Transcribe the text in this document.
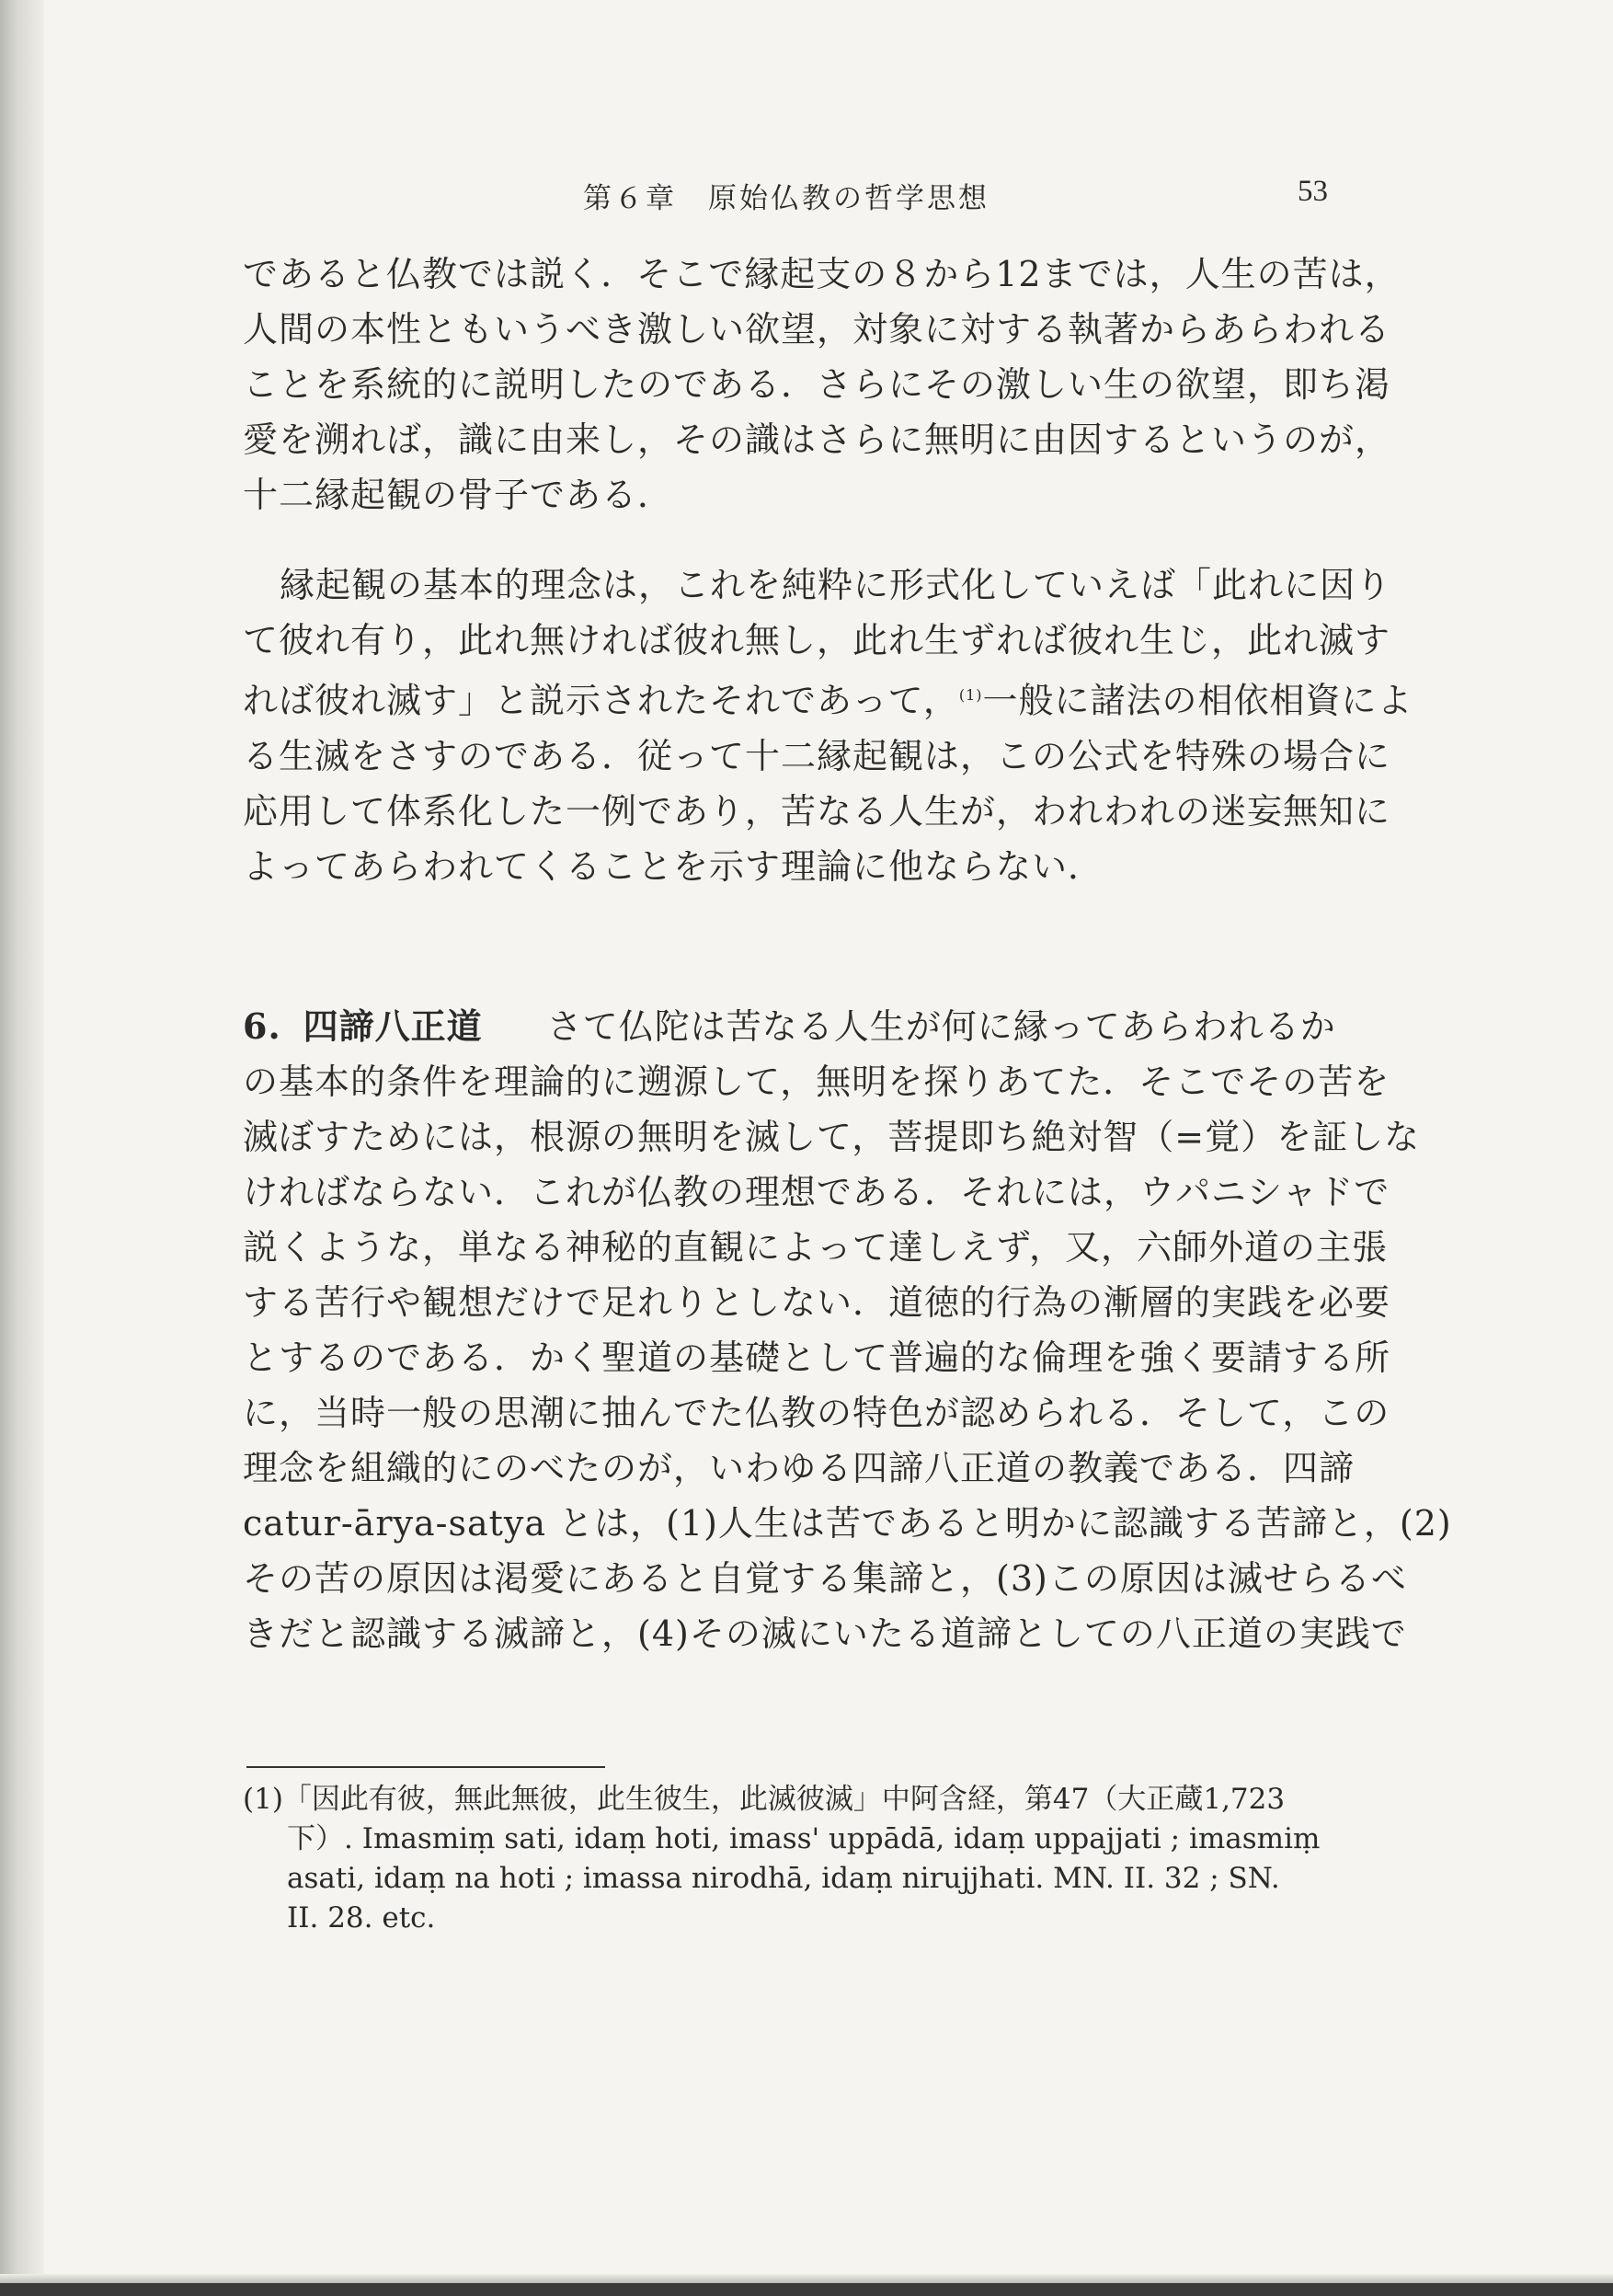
第６章　原始仏教の哲学思想	53
であると仏教では説く．そこで縁起支の８から12までは，人生の苦は，
人間の本性ともいうべき激しい欲望，対象に対する執著からあらわれる
ことを系統的に説明したのである．さらにその激しい生の欲望，即ち渇
愛を溯れば，識に由来し，その識はさらに無明に由因するというのが，
十二縁起観の骨子である．
縁起観の基本的理念は，これを純粋に形式化していえば「此れに因り
て彼れ有り，此れ無ければ彼れ無し，此れ生ずれば彼れ生じ，此れ滅す
れば彼れ滅す」と説示されたそれであって，$^{(1)}$一般に諸法の相依相資によ
る生滅をさすのである．従って十二縁起観は，この公式を特殊の場合に
応用して体系化した一例であり，苦なる人生が，われわれの迷妄無知に
よってあらわれてくることを示す理論に他ならない．
6. 四諦八正道 さて仏陀は苦なる人生が何に縁ってあらわれるか
の基本的条件を理論的に遡源して，無明を探りあてた．そこでその苦を
滅ぼすためには，根源の無明を滅して，菩提即ち絶対智（=覚）を証しな
ければならない．これが仏教の理想である．それには，ウパニシャドで
説くような，単なる神秘的直観によって達しえず，又，六師外道の主張
する苦行や観想だけで足れりとしない．道徳的行為の漸層的実践を必要
とするのである．かく聖道の基礎として普遍的な倫理を強く要請する所
に，当時一般の思潮に抽んでた仏教の特色が認められる．そして，この
理念を組織的にのべたのが，いわゆる四諦八正道の教義である．四諦
catur-ārya-satya とは，(1)人生は苦であると明かに認識する苦諦と，(2)
その苦の原因は渇愛にあると自覚する集諦と，(3)この原因は滅せらるべ
きだと認識する滅諦と，(4)その滅にいたる道諦としての八正道の実践で
(1)「因此有彼，無此無彼，此生彼生，此滅彼滅」中阿含経，第47（大正蔵1,723
下）. Imasmiṃ sati, idaṃ hoti, imass' uppādā, idaṃ uppajjati ; imasmiṃ
asati, idaṃ na hoti ; imassa nirodhā, idaṃ nirujjhati. MN. II. 32 ; SN.
II. 28. etc.
